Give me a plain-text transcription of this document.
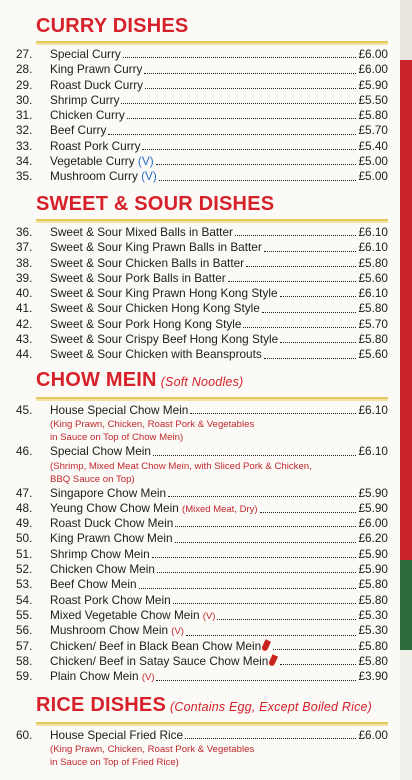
CURRY DISHES
27.	Special Curry	£6.00
28.	King Prawn Curry	£6.00
29.	Roast Duck Curry	£5.90
30.	Shrimp Curry	£5.50
31.	Chicken Curry	£5.80
32.	Beef Curry	£5.70
33.	Roast Pork Curry	£5.40
34.	Vegetable Curry (V)	£5.00
35.	Mushroom Curry (V)	£5.00
SWEET & SOUR DISHES
36.	Sweet & Sour Mixed Balls in Batter	£6.10
37.	Sweet & Sour King Prawn Balls in Batter	£6.10
38.	Sweet & Sour Chicken Balls in Batter	£5.80
39.	Sweet & Sour Pork Balls in Batter	£5.60
40.	Sweet & Sour King Prawn Hong Kong Style	£6.10
41.	Sweet & Sour Chicken Hong Kong Style	£5.80
42.	Sweet & Sour Pork Hong Kong Style	£5.70
43.	Sweet & Sour Crispy Beef Hong Kong Style	£5.80
44.	Sweet & Sour Chicken with Beansprouts	£5.60
CHOW MEIN (Soft Noodles)
45.	House Special Chow Mein	£6.10
(King Prawn, Chicken, Roast Pork & Vegetables
in Sauce on Top of Chow Mein)
46.	Special Chow Mein	£6.10
(Shrimp, Mixed Meat Chow Mein, with Sliced Pork & Chicken,
BBQ Sauce on Top)
47.	Singapore Chow Mein	£5.90
48.	Yeung Chow Chow Mein (Mixed Meat, Dry)	£5.90
49.	Roast Duck Chow Mein	£6.00
50.	King Prawn Chow Mein	£6.20
51.	Shrimp Chow Mein	£5.90
52.	Chicken Chow Mein	£5.90
53.	Beef Chow Mein	£5.80
54.	Roast Pork Chow Mein	£5.80
55.	Mixed Vegetable Chow Mein (V)	£5.30
56.	Mushroom Chow Mein (V)	£5.30
57.	Chicken/ Beef in Black Bean Chow Mein	£5.80
58.	Chicken/ Beef in Satay Sauce Chow Mein	£5.80
59.	Plain Chow Mein (V)	£3.90
RICE DISHES (Contains Egg, Except Boiled Rice)
60.	House Special Fried Rice	£6.00
(King Prawn, Chicken, Roast Pork & Vegetables
in Sauce on Top of Fried Rice)
